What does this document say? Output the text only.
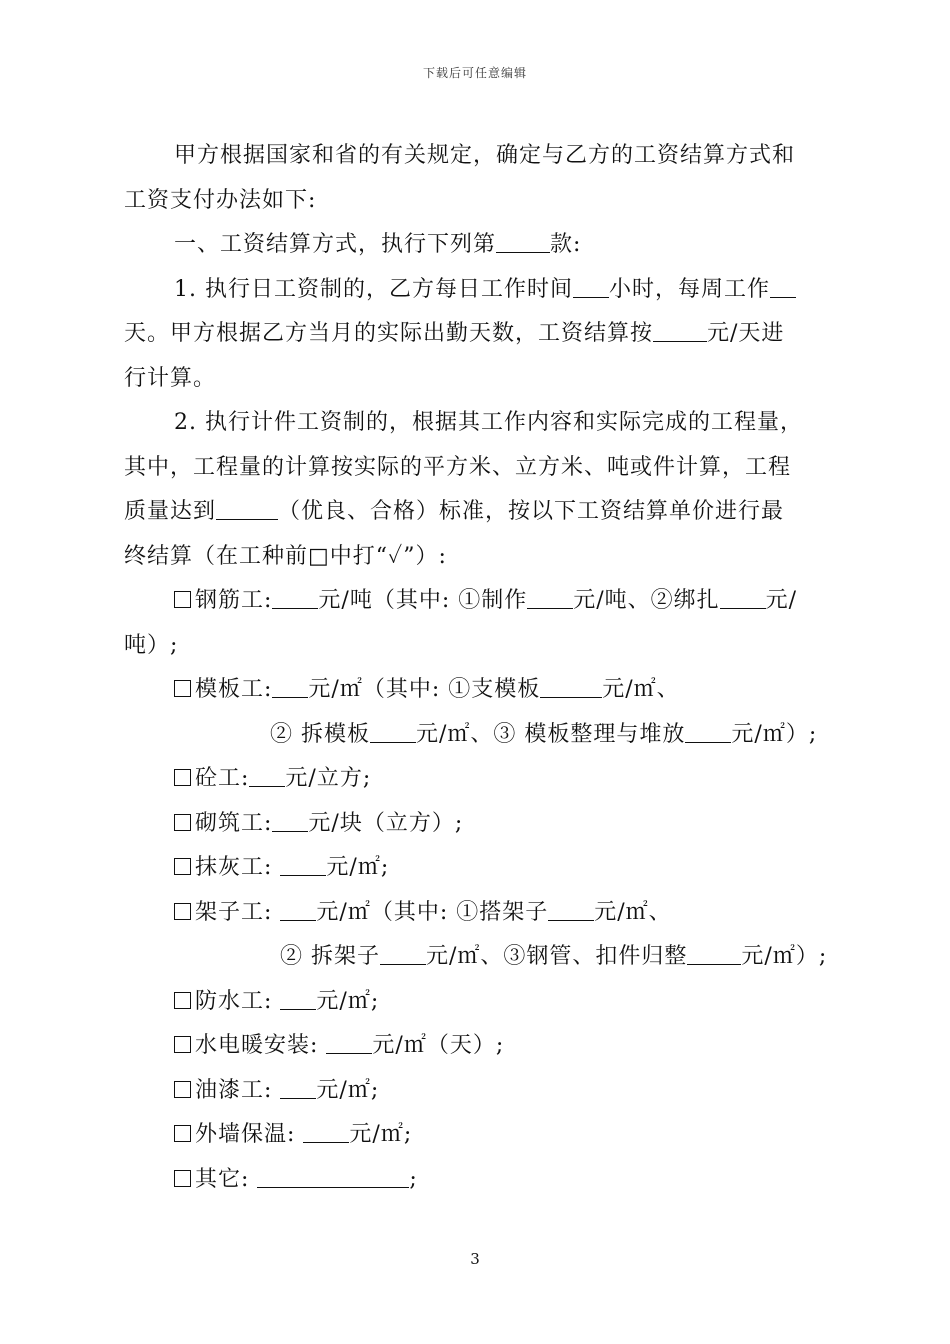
下载后可任意编辑
甲方根据国家和省的有关规定，确定与乙方的工资结算方式和
工资支付办法如下:
一、工资结算方式，执行下列第 款:
1. 执行日工资制的，乙方每日工作时间 小时，每周工作
天。甲方根据乙方当月的实际出勤天数，工资结算按 元/天进
行计算。
2. 执行计件工资制的，根据其工作内容和实际完成的工程量，
其中，工程量的计算按实际的平方米、立方米、吨或件计算，工程
质量达到	（优良、合格）标准，按以下工资结算单价进行最
终结算（在工种前□中打“✓”）:
钢筋工: 元/吨（其中: ①制作 元/吨、②绑扎 元/
吨）;
模板工: 元/㎡（其中: ①支模板	元/㎡、
② 拆模板 元/㎡、③ 模板整理与堆放 元/㎡）;
砼工: 元/立方;
砌筑工: 元/块（立方）;
抹灰工: 元/㎡;
架子工: 元/㎡（其中: ①搭架子 元/㎡、
② 拆架子 元/㎡、③钢管、扣件归整 元/㎡）;
防水工: 元/㎡;
水电暖安装: 元/㎡（天）;
油漆工: 元/㎡;
外墙保温: 元/㎡;
其它:	;
3
